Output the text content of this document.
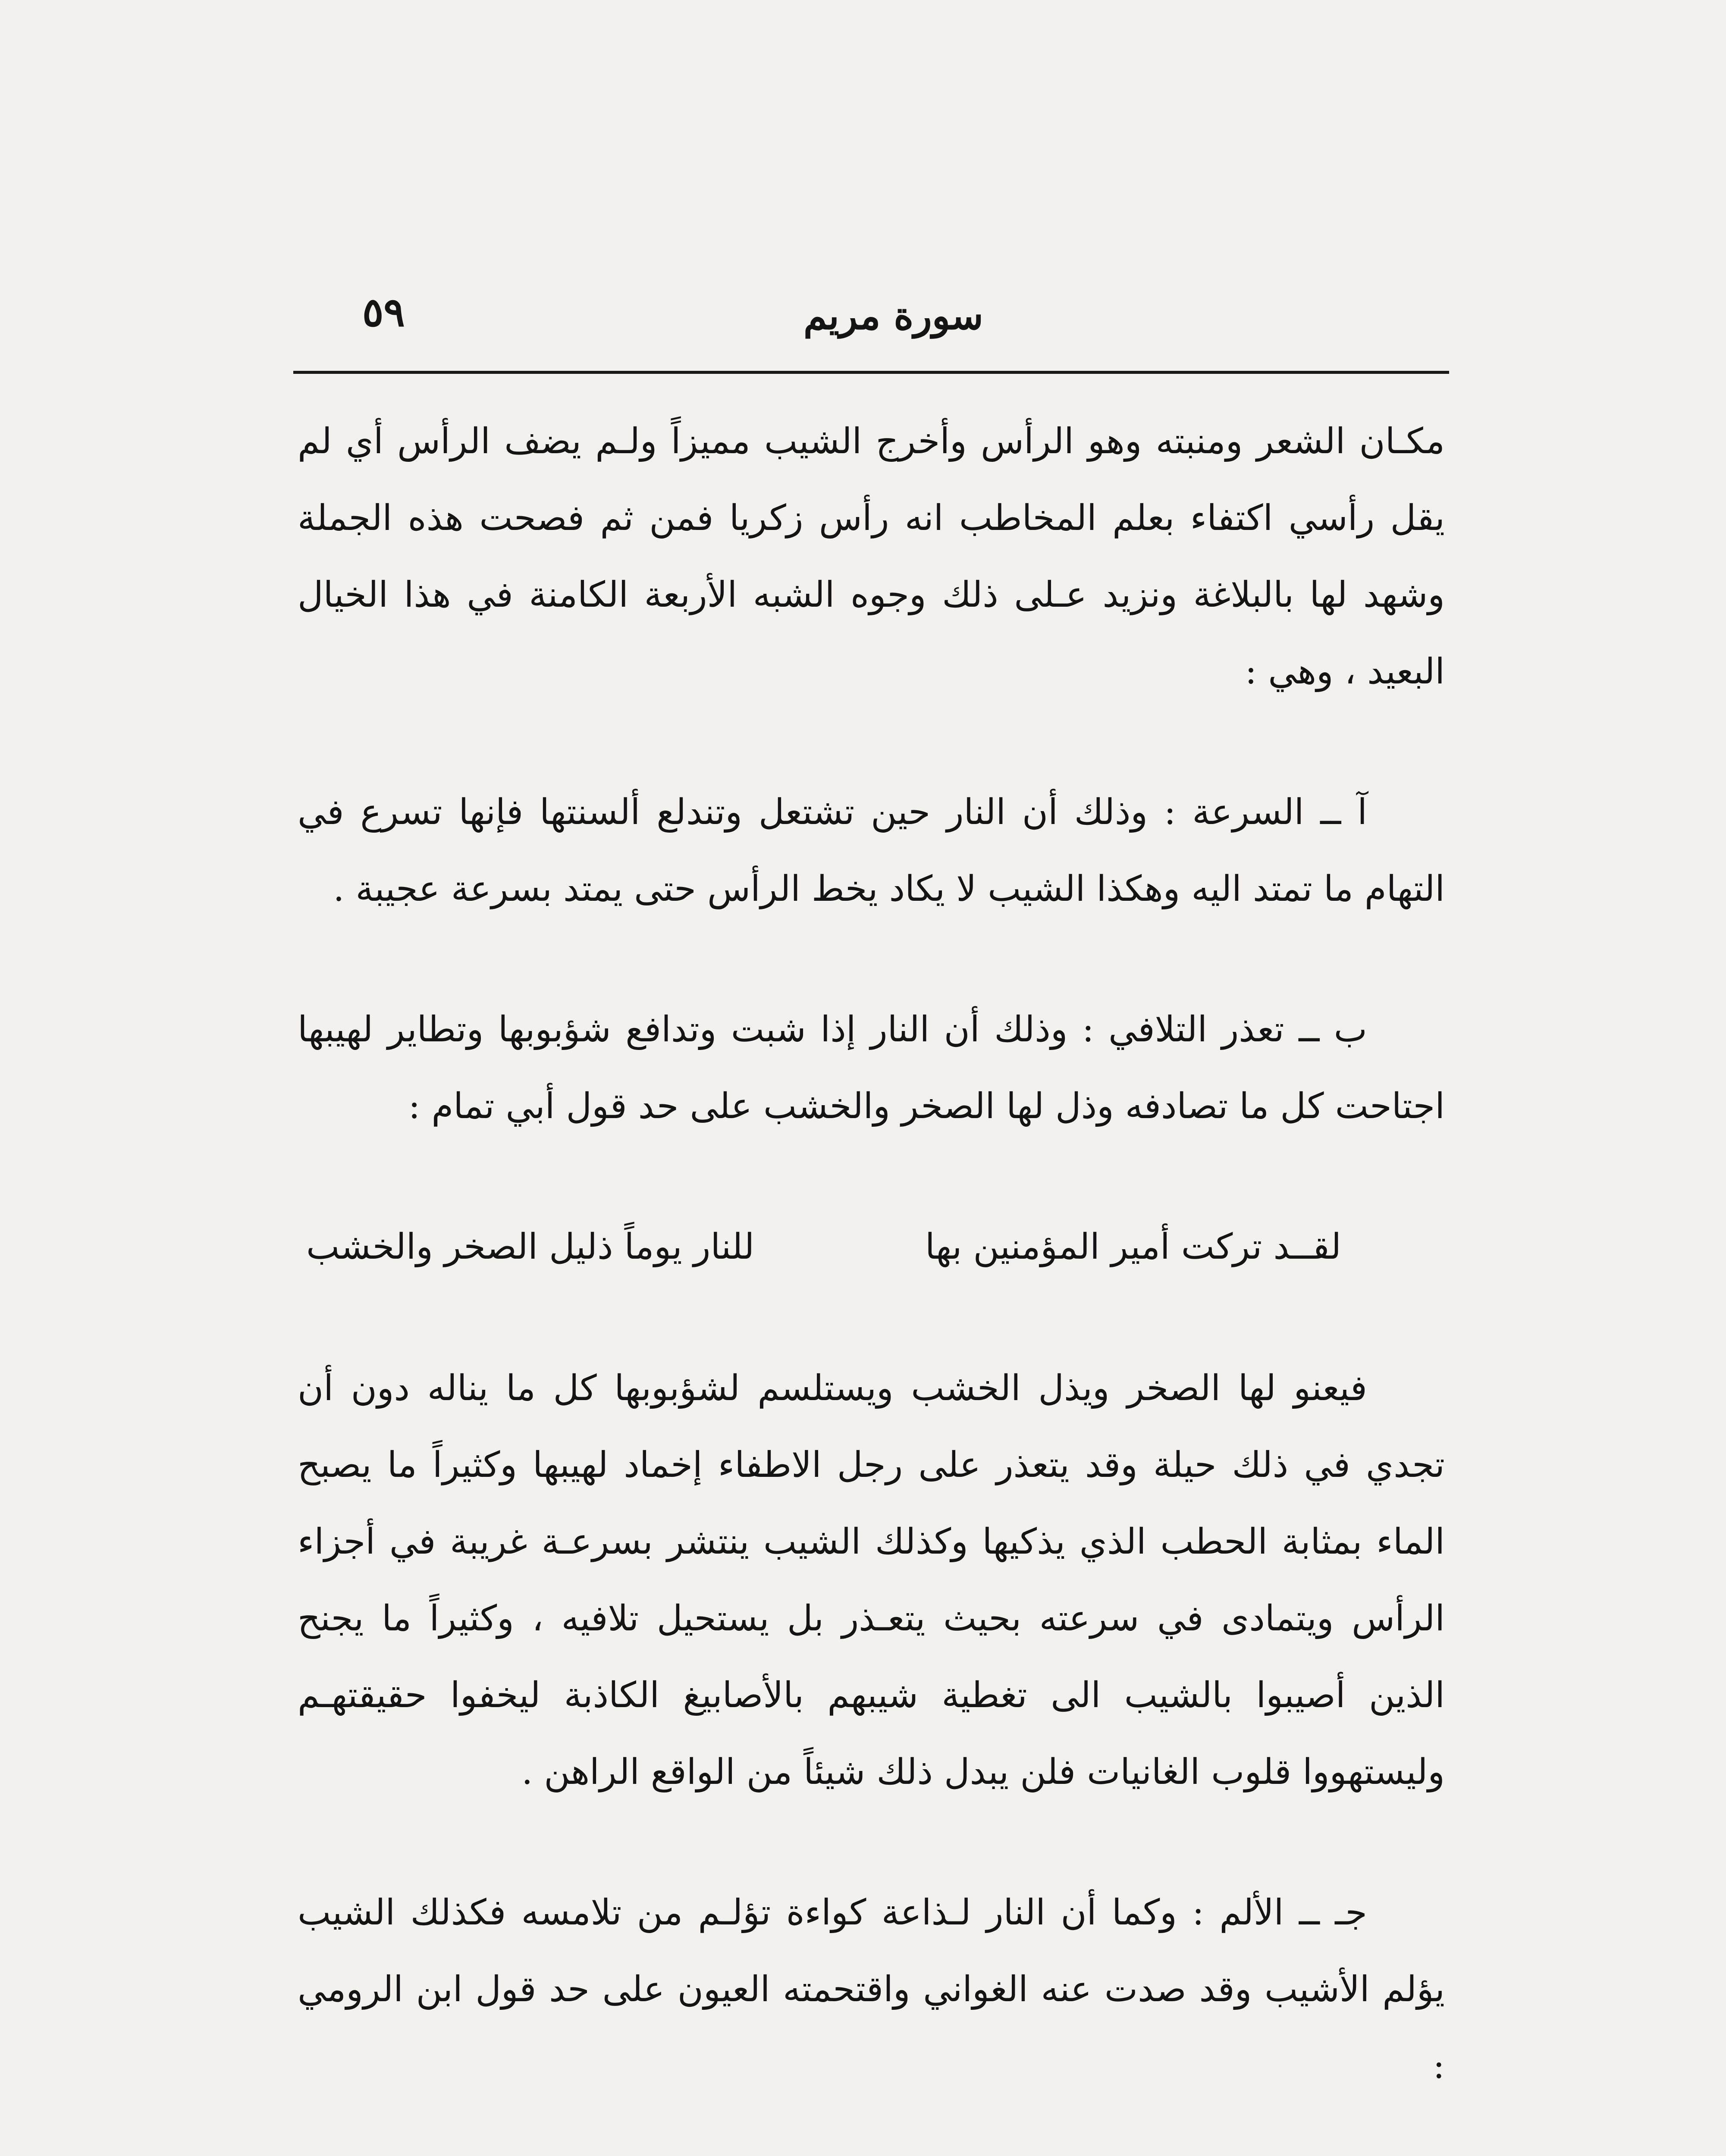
سورة مريم
٥٩

مكـان الشعر ومنبته وهو الرأس وأخرج الشيب مميزاً ولـم يضف الرأس أي لم يقل رأسي اكتفاء بعلم المخاطب انه رأس زكريا فمن ثم فصحت هذه الجملة وشهد لها بالبلاغة ونزيد عـلى ذلك وجوه الشبه الأربعة الكامنة في هذا الخيال البعيد ، وهي :

آ ــ السرعة : وذلك أن النار حين تشتعل وتندلع ألسنتها فإنها تسرع في التهام ما تمتد اليه وهكذا الشيب لا يكاد يخط الرأس حتى يمتد بسرعة عجيبة .

ب ــ تعذر التلافي : وذلك أن النار إذا شبت وتدافع شؤبوبها وتطاير لهيبها اجتاحت كل ما تصادفه وذل لها الصخر والخشب على حد قول أبي تمام :

لقــد تركت أمير المؤمنين بها
للنار يوماً ذليل الصخر والخشب

فيعنو لها الصخر ويذل الخشب ويستلسم لشؤبوبها كل ما يناله دون أن تجدي في ذلك حيلة وقد يتعذر على رجل الاطفاء إخماد لهيبها وكثيراً ما يصبح الماء بمثابة الحطب الذي يذكيها وكذلك الشيب ينتشر بسرعـة غريبة في أجزاء الرأس ويتمادى في سرعته بحيث يتعـذر بل يستحيل تلافيه ، وكثيراً ما يجنح الذين أصيبوا بالشيب الى تغطية شيبهم بالأصابيغ الكاذبة ليخفوا حقيقتهـم وليستهووا قلوب الغانيات فلن يبدل ذلك شيئاً من الواقع الراهن .

جـ ــ الألم : وكما أن النار لـذاعة كواءة تؤلـم من تلامسه فكذلك الشيب يؤلم الأشيب وقد صدت عنه الغواني واقتحمته العيون على حد قول ابن الرومي :
